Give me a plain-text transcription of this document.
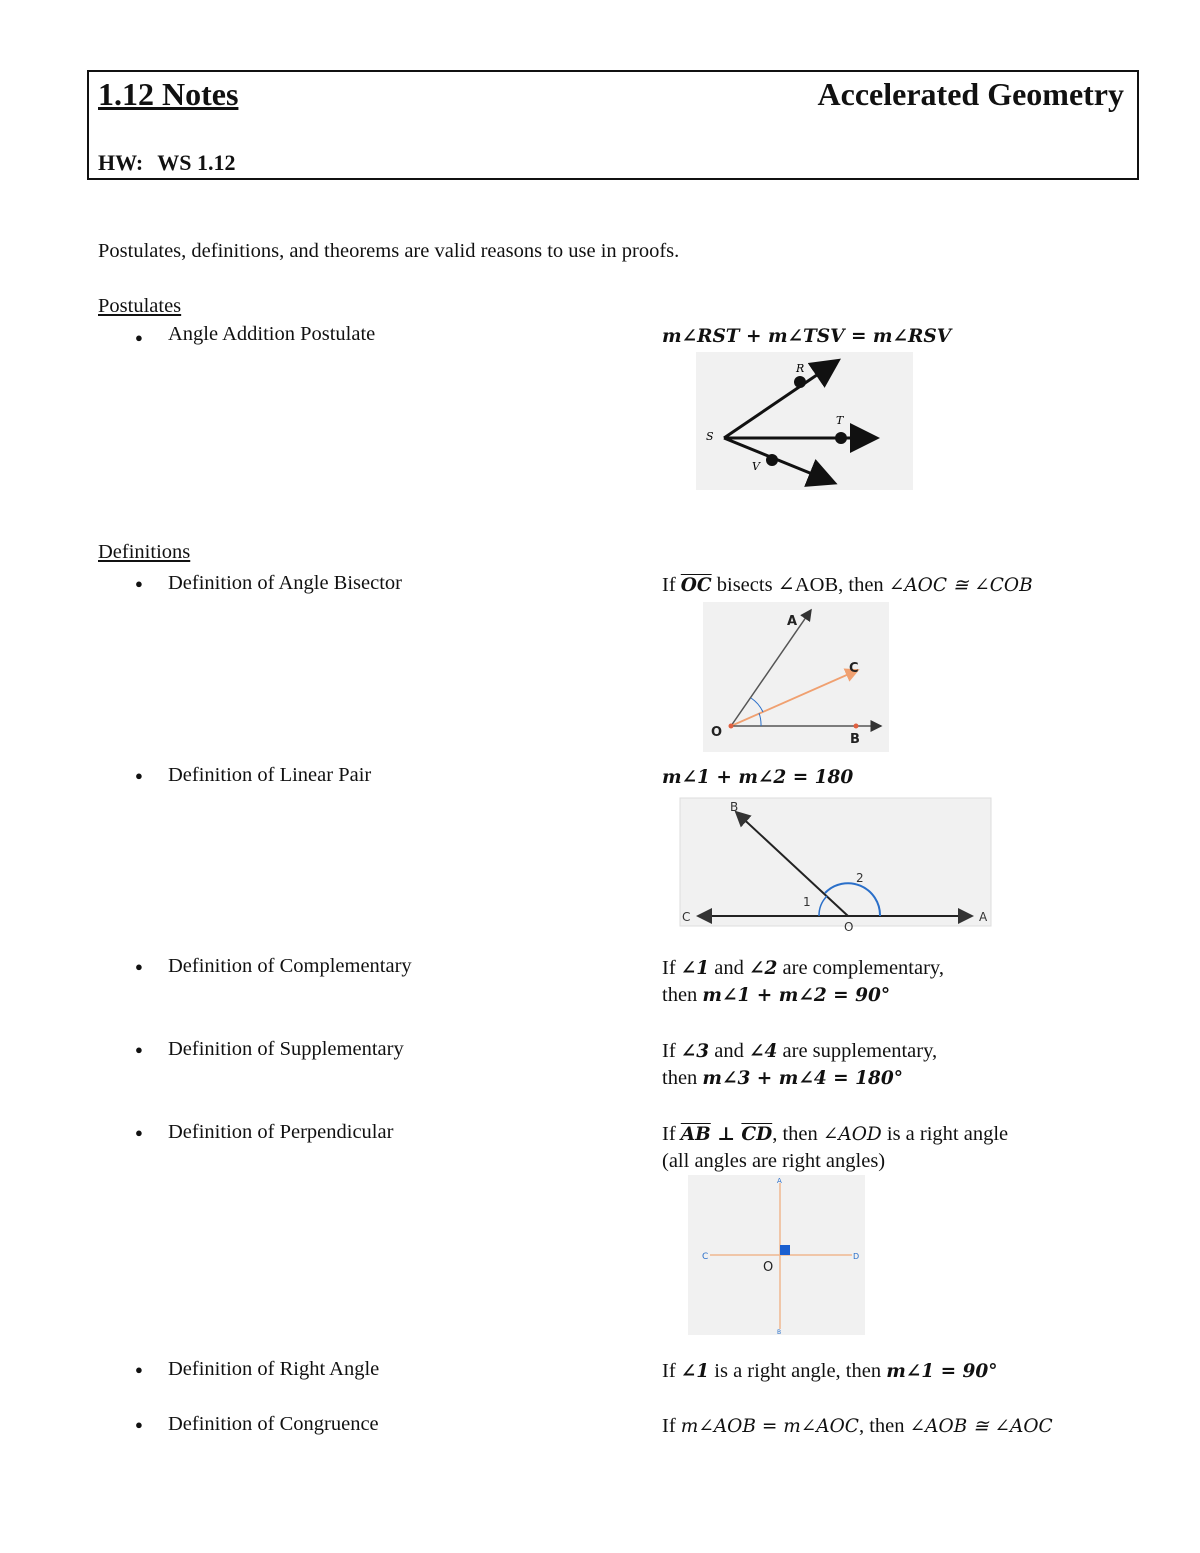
1.12 Notes	Accelerated Geometry
HW: WS 1.12
Postulates, definitions, and theorems are valid reasons to use in proofs.
Postulates
● Angle Addition Postulate	m∠RST + m∠TSV = m∠RSV
R
S
T
V
Definitions
● Definition of Angle Bisector	If $\overline{OC}$ bisects ∠AOB, then ∠AOC ≅ ∠COB
A
C
O	B
● Definition of Linear Pair	m∠1 + m∠2 = 180
B
1
2
C
O
A
● Definition of Complementary	If ∠1 and ∠2 are complementary,
then m∠1 + m∠2 = 90°
● Definition of Supplementary	If ∠3 and ∠4 are supplementary,
then m∠3 + m∠4 = 180°
● Definition of Perpendicular	If $\overline{AB}$ ⊥ $\overline{CD}$, then ∠AOD is a right angle
(all angles are right angles)
A
C	D
O
B
● Definition of Right Angle	If ∠1 is a right angle, then m∠1 = 90°
● Definition of Congruence	If m∠AOB = m∠AOC, then ∠AOB ≅ ∠AOC
